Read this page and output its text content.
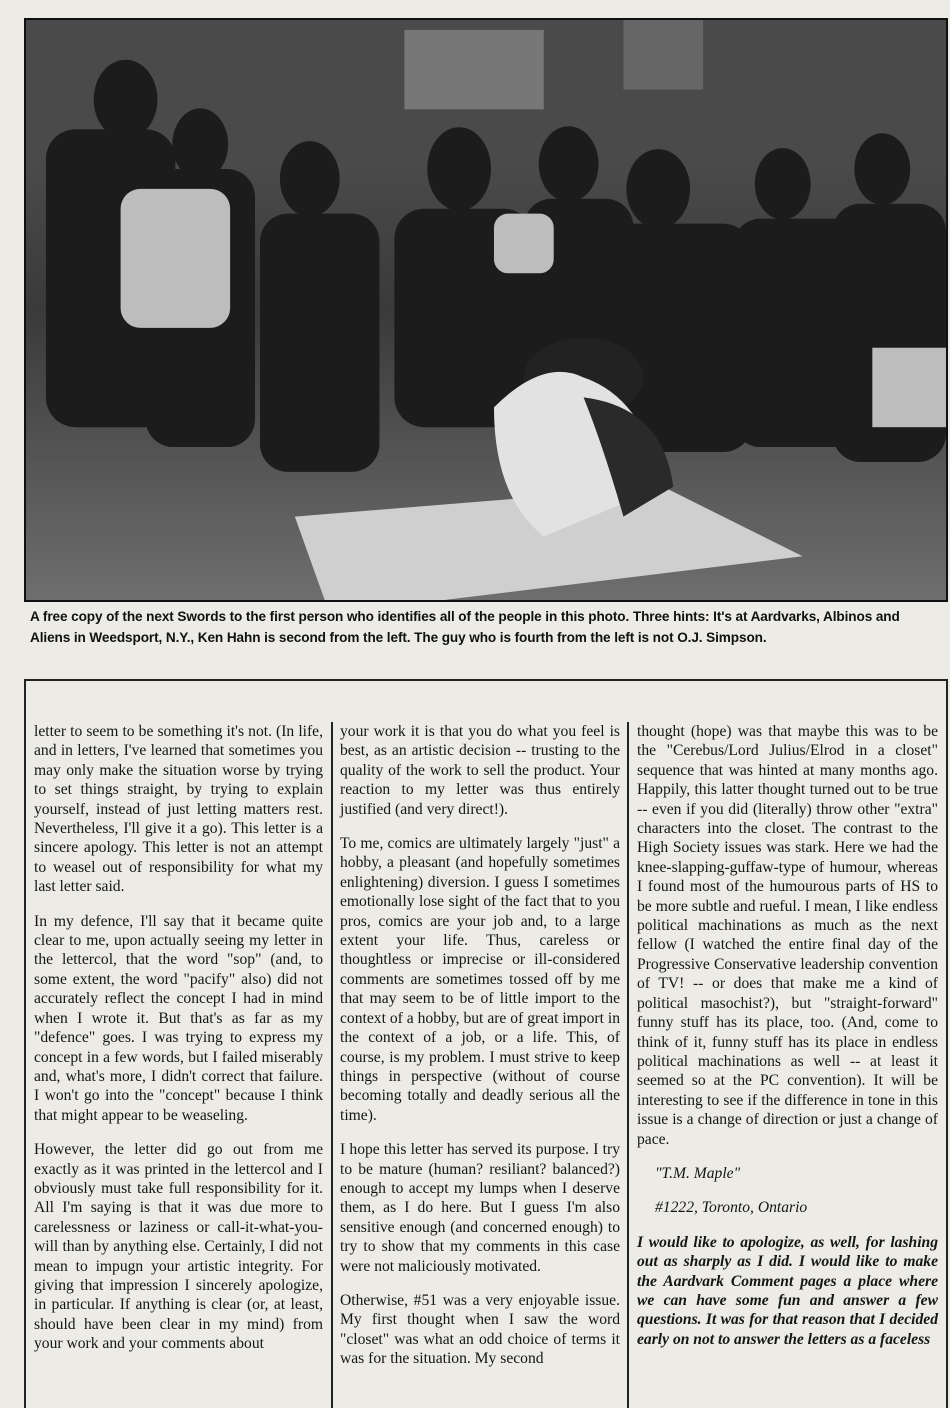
A free copy of the next Swords to the first person who identifies all of the people in this photo. Three hints: It's at Aardvarks, Albinos and Aliens in Weedsport, N.Y., Ken Hahn is second from the left. The guy who is fourth from the left is not O.J. Simpson.

letter to seem to be something it's not. (In life, and in letters, I've learned that sometimes you may only make the situation worse by trying to set things straight, by trying to explain yourself, instead of just letting matters rest. Nevertheless, I'll give it a go). This letter is a sincere apology. This letter is not an attempt to weasel out of responsibility for what my last letter said.

In my defence, I'll say that it became quite clear to me, upon actually seeing my letter in the lettercol, that the word "sop" (and, to some extent, the word "pacify" also) did not accurately reflect the concept I had in mind when I wrote it. But that's as far as my "defence" goes. I was trying to express my concept in a few words, but I failed miserably and, what's more, I didn't correct that failure. I won't go into the "concept" because I think that might appear to be weaseling.

However, the letter did go out from me exactly as it was printed in the lettercol and I obviously must take full responsibility for it. All I'm saying is that it was due more to carelessness or laziness or call-it-what-you-will than by anything else. Certainly, I did not mean to impugn your artistic integrity. For giving that impression I sincerely apologize, in particular. If anything is clear (or, at least, should have been clear in my mind) from your work and your comments about

your work it is that you do what you feel is best, as an artistic decision -- trusting to the quality of the work to sell the product. Your reaction to my letter was thus entirely justified (and very direct!).

To me, comics are ultimately largely "just" a hobby, a pleasant (and hopefully sometimes enlightening) diversion. I guess I sometimes emotionally lose sight of the fact that to you pros, comics are your job and, to a large extent your life. Thus, careless or thoughtless or imprecise or ill-considered comments are sometimes tossed off by me that may seem to be of little import to the context of a hobby, but are of great import in the context of a job, or a life. This, of course, is my problem. I must strive to keep things in perspective (without of course becoming totally and deadly serious all the time).

I hope this letter has served its purpose. I try to be mature (human? resiliant? balanced?) enough to accept my lumps when I deserve them, as I do here. But I guess I'm also sensitive enough (and concerned enough) to try to show that my comments in this case were not maliciously motivated.

Otherwise, #51 was a very enjoyable issue. My first thought when I saw the word "closet" was what an odd choice of terms it was for the situation. My second

thought (hope) was that maybe this was to be the "Cerebus/Lord Julius/Elrod in a closet" sequence that was hinted at many months ago. Happily, this latter thought turned out to be true -- even if you did (literally) throw other "extra" characters into the closet. The contrast to the High Society issues was stark. Here we had the knee-slapping-guffaw-type of humour, whereas I found most of the humourous parts of HS to be more subtle and rueful. I mean, I like endless political machinations as much as the next fellow (I watched the entire final day of the Progressive Conservative leadership convention of TV! -- or does that make me a kind of political masochist?), but "straight-forward" funny stuff has its place, too. (And, come to think of it, funny stuff has its place in endless political machinations as well -- at least it seemed so at the PC convention). It will be interesting to see if the difference in tone in this issue is a change of direction or just a change of pace.

"T.M. Maple"

#1222, Toronto, Ontario

I would like to apologize, as well, for lashing out as sharply as I did. I would like to make the Aardvark Comment pages a place where we can have some fun and answer a few questions. It was for that reason that I decided early on not to answer the letters as a faceless
